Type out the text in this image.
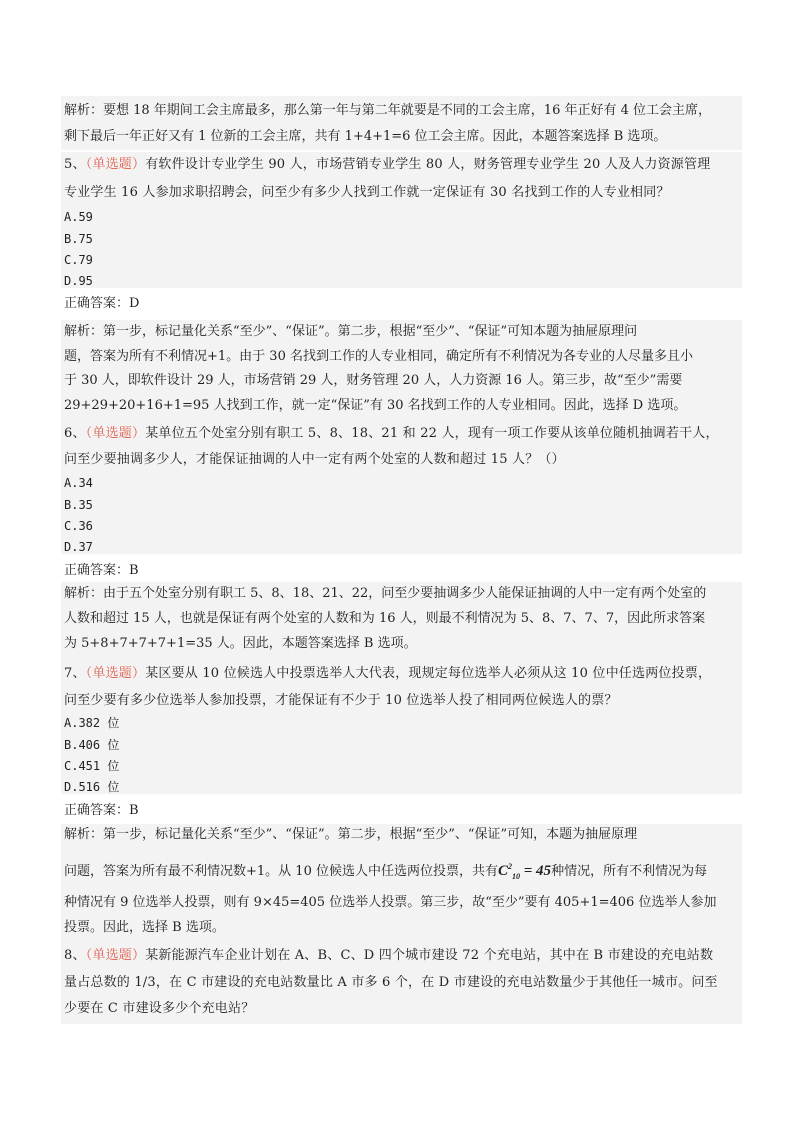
解析：要想 18 年期间工会主席最多，那么第一年与第二年就要是不同的工会主席，16 年正好有 4 位工会主席，
剩下最后一年正好又有 1 位新的工会主席，共有 1+4+1=6 位工会主席。因此，本题答案选择 B 选项。
5、（单选题）有软件设计专业学生 90 人，市场营销专业学生 80 人，财务管理专业学生 20 人及人力资源管理
专业学生 16 人参加求职招聘会，问至少有多少人找到工作就一定保证有 30 名找到工作的人专业相同？
A.59
B.75
C.79
D.95
正确答案：D
解析：第一步，标记量化关系“至少”、“保证”。第二步，根据“至少”、“保证”可知本题为抽屉原理问
题，答案为所有不利情况+1。由于 30 名找到工作的人专业相同，确定所有不利情况为各专业的人尽量多且小
于 30 人，即软件设计 29 人，市场营销 29 人，财务管理 20 人，人力资源 16 人。第三步，故“至少”需要
29+29+20+16+1=95 人找到工作，就一定“保证”有 30 名找到工作的人专业相同。因此，选择 D 选项。
6、（单选题）某单位五个处室分别有职工 5、8、18、21 和 22 人，现有一项工作要从该单位随机抽调若干人，
问至少要抽调多少人，才能保证抽调的人中一定有两个处室的人数和超过 15 人？（）
A.34
B.35
C.36
D.37
正确答案：B
解析：由于五个处室分别有职工 5、8、18、21、22，问至少要抽调多少人能保证抽调的人中一定有两个处室的
人数和超过 15 人，也就是保证有两个处室的人数和为 16 人，则最不利情况为 5、8、7、7、7，因此所求答案
为 5+8+7+7+7+1=35 人。因此，本题答案选择 B 选项。
7、（单选题）某区要从 10 位候选人中投票选举人大代表，现规定每位选举人必须从这 10 位中任选两位投票，
问至少要有多少位选举人参加投票，才能保证有不少于 10 位选举人投了相同两位候选人的票？
A.382 位
B.406 位
C.451 位
D.516 位
正确答案：B
解析：第一步，标记量化关系“至少”、“保证”。第二步，根据“至少”、“保证”可知，本题为抽屉原理
问题，答案为所有最不利情况数+1。从 10 位候选人中任选两位投票，共有$C^2_{10} = 45$种情况，所有不利情况为每
种情况有 9 位选举人投票，则有 9×45=405 位选举人投票。第三步，故“至少”要有 405+1=406 位选举人参加
投票。因此，选择 B 选项。
8、（单选题）某新能源汽车企业计划在 A、B、C、D 四个城市建设 72 个充电站，其中在 B 市建设的充电站数
量占总数的 1/3，在 C 市建设的充电站数量比 A 市多 6 个，在 D 市建设的充电站数量少于其他任一城市。问至
少要在 C 市建设多少个充电站？
